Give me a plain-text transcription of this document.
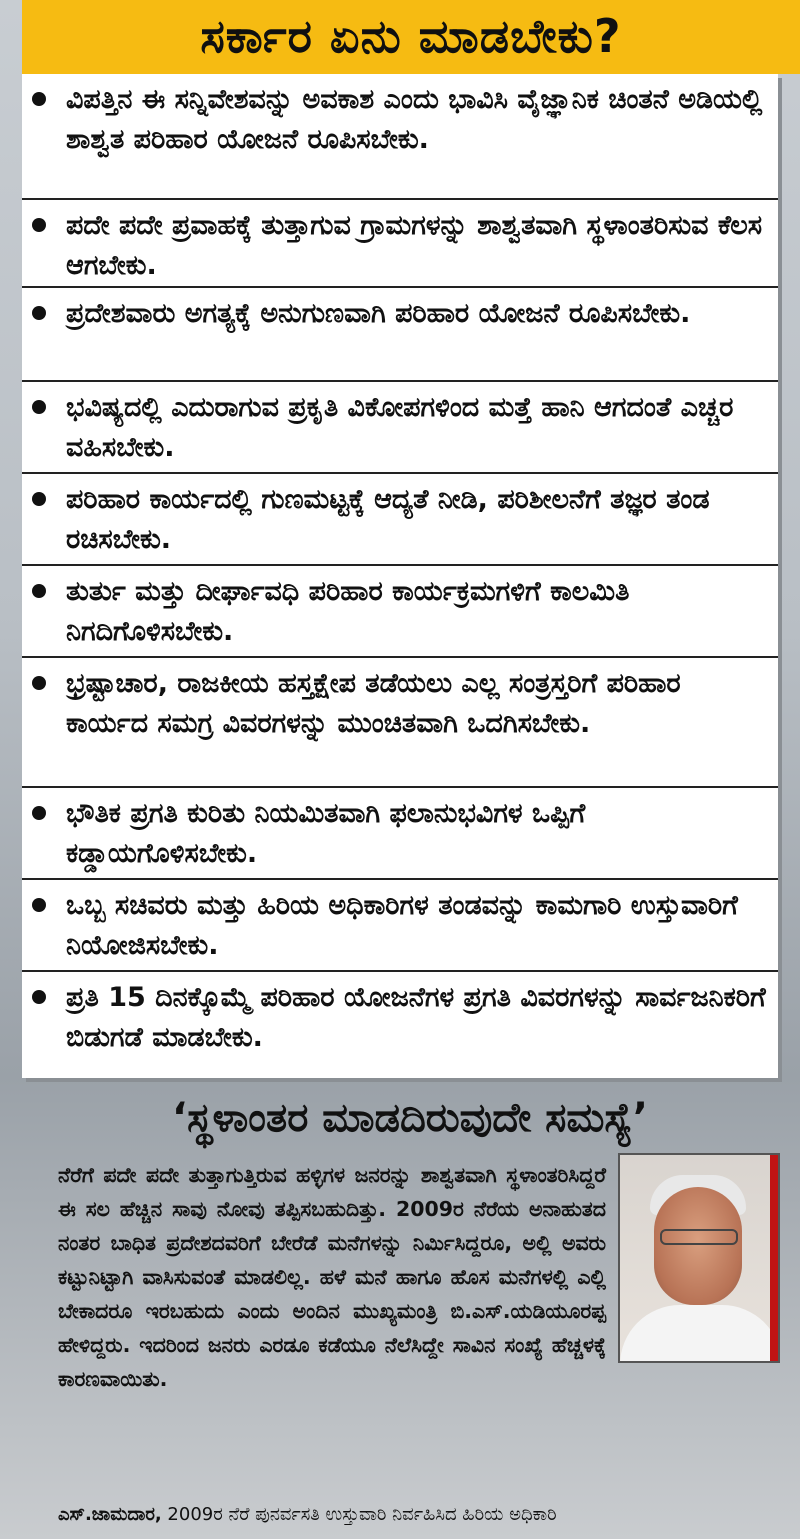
ಸರ್ಕಾರ ಏನು ಮಾಡಬೇಕು?
ವಿಪತ್ತಿನ ಈ ಸನ್ನಿವೇಶವನ್ನು ಅವಕಾಶ ಎಂದು ಭಾವಿಸಿ ವೈಜ್ಞಾನಿಕ ಚಿಂತನೆ ಅಡಿಯಲ್ಲಿ ಶಾಶ್ವತ ಪರಿಹಾರ ಯೋಜನೆ ರೂಪಿಸಬೇಕು.
ಪದೇ ಪದೇ ಪ್ರವಾಹಕ್ಕೆ ತುತ್ತಾಗುವ ಗ್ರಾಮಗಳನ್ನು ಶಾಶ್ವತವಾಗಿ ಸ್ಥಳಾಂತರಿಸುವ ಕೆಲಸ ಆಗಬೇಕು.
ಪ್ರದೇಶವಾರು ಅಗತ್ಯಕ್ಕೆ ಅನುಗುಣವಾಗಿ ಪರಿಹಾರ ಯೋಜನೆ ರೂಪಿಸಬೇಕು.
ಭವಿಷ್ಯದಲ್ಲಿ ಎದುರಾಗುವ ಪ್ರಕೃತಿ ವಿಕೋಪಗಳಿಂದ ಮತ್ತೆ ಹಾನಿ ಆಗದಂತೆ ಎಚ್ಚರ ವಹಿಸಬೇಕು.
ಪರಿಹಾರ ಕಾರ್ಯದಲ್ಲಿ ಗುಣಮಟ್ಟಕ್ಕೆ ಆದ್ಯತೆ ನೀಡಿ, ಪರಿಶೀಲನೆಗೆ ತಜ್ಞರ ತಂಡ ರಚಿಸಬೇಕು.
ತುರ್ತು ಮತ್ತು ದೀರ್ಘಾವಧಿ ಪರಿಹಾರ ಕಾರ್ಯಕ್ರಮಗಳಿಗೆ ಕಾಲಮಿತಿ ನಿಗದಿಗೊಳಿಸಬೇಕು.
ಭ್ರಷ್ಟಾಚಾರ, ರಾಜಕೀಯ ಹಸ್ತಕ್ಷೇಪ ತಡೆಯಲು ಎಲ್ಲ ಸಂತ್ರಸ್ತರಿಗೆ ಪರಿಹಾರ ಕಾರ್ಯದ ಸಮಗ್ರ ವಿವರಗಳನ್ನು ಮುಂಚಿತವಾಗಿ ಒದಗಿಸಬೇಕು.
ಭೌತಿಕ ಪ್ರಗತಿ ಕುರಿತು ನಿಯಮಿತವಾಗಿ ಫಲಾನುಭವಿಗಳ ಒಪ್ಪಿಗೆ ಕಡ್ಡಾಯಗೊಳಿಸಬೇಕು.
ಒಬ್ಬ ಸಚಿವರು ಮತ್ತು ಹಿರಿಯ ಅಧಿಕಾರಿಗಳ ತಂಡವನ್ನು ಕಾಮಗಾರಿ ಉಸ್ತುವಾರಿಗೆ ನಿಯೋಜಿಸಬೇಕು.
ಪ್ರತಿ 15 ದಿನಕ್ಕೊಮ್ಮೆ ಪರಿಹಾರ ಯೋಜನೆಗಳ ಪ್ರಗತಿ ವಿವರಗಳನ್ನು ಸಾರ್ವಜನಿಕರಿಗೆ ಬಿಡುಗಡೆ ಮಾಡಬೇಕು.
‘ಸ್ಥಳಾಂತರ ಮಾಡದಿರುವುದೇ ಸಮಸ್ಯೆ’
ನೆರೆಗೆ ಪದೇ ಪದೇ ತುತ್ತಾಗುತ್ತಿರುವ ಹಳ್ಳಿಗಳ ಜನರನ್ನು ಶಾಶ್ವತವಾಗಿ ಸ್ಥಳಾಂತರಿಸಿದ್ದರೆ ಈ ಸಲ ಹೆಚ್ಚಿನ ಸಾವು ನೋವು ತಪ್ಪಿಸಬಹುದಿತ್ತು. 2009ರ ನೆರೆಯ ಅನಾಹುತದ ನಂತರ ಬಾಧಿತ ಪ್ರದೇಶದವರಿಗೆ ಬೇರೆಡೆ ಮನೆಗಳನ್ನು ನಿರ್ಮಿಸಿದ್ದರೂ, ಅಲ್ಲಿ ಅವರು ಕಟ್ಟುನಿಟ್ಟಾಗಿ ವಾಸಿಸುವಂತೆ ಮಾಡಲಿಲ್ಲ. ಹಳೆ ಮನೆ ಹಾಗೂ ಹೊಸ ಮನೆಗಳಲ್ಲಿ ಎಲ್ಲಿ ಬೇಕಾದರೂ ಇರಬಹುದು ಎಂದು ಅಂದಿನ ಮುಖ್ಯಮಂತ್ರಿ ಬಿ.ಎಸ್.ಯಡಿಯೂರಪ್ಪ ಹೇಳಿದ್ದರು. ಇದರಿಂದ ಜನರು ಎರಡೂ ಕಡೆಯೂ ನೆಲೆಸಿದ್ದೇ ಸಾವಿನ ಸಂಖ್ಯೆ ಹೆಚ್ಚಳಕ್ಕೆ ಕಾರಣವಾಯಿತು.
ಎಸ್.ಜಾಮದಾರ, 2009ರ ನೆರೆ ಪುನರ್ವಸತಿ ಉಸ್ತುವಾರಿ ನಿರ್ವಹಿಸಿದ ಹಿರಿಯ ಅಧಿಕಾರಿ
